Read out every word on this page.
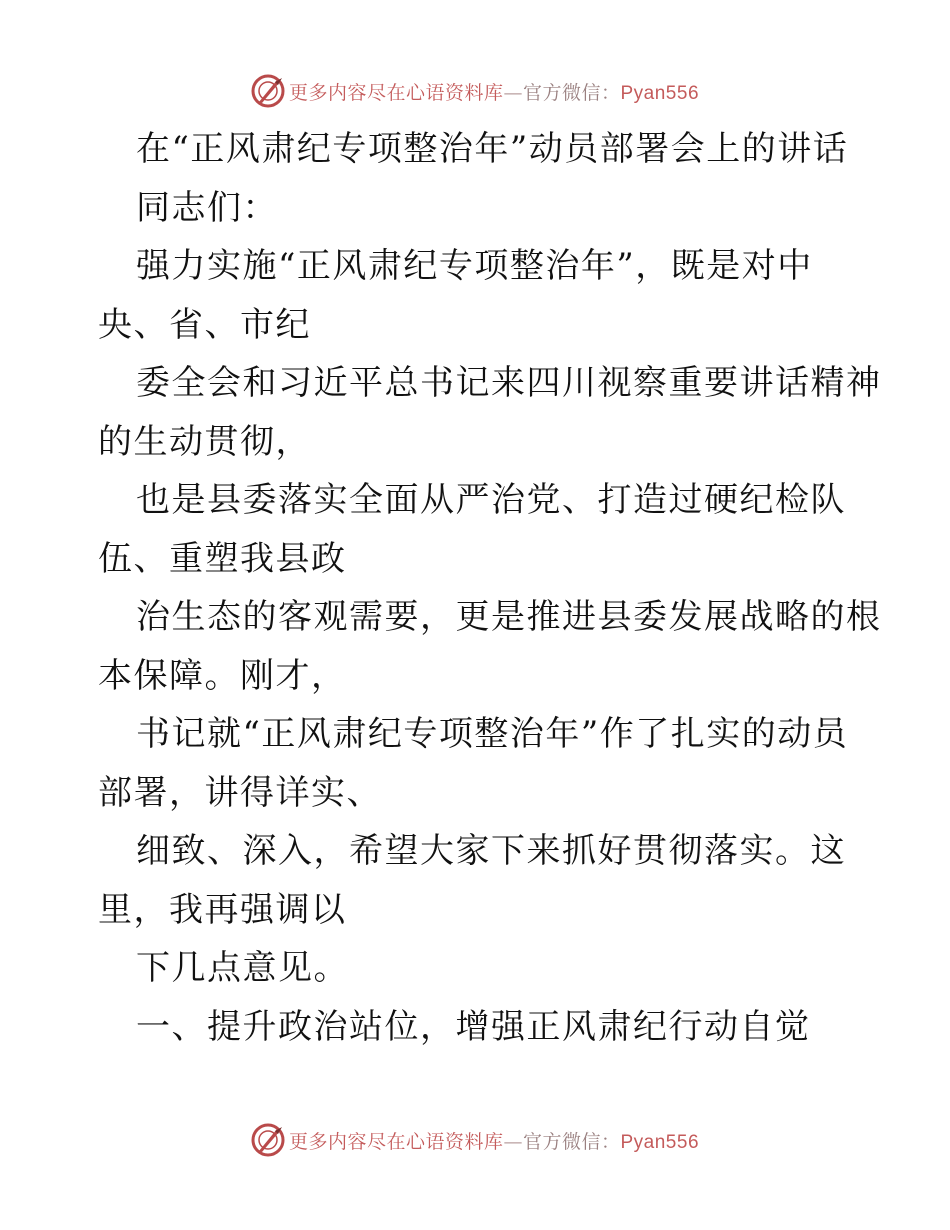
更多内容尽在心语资料库—官方微信：Pyan556
在“正风肃纪专项整治年”动员部署会上的讲话
同志们：
强力实施“正风肃纪专项整治年”，既是对中
央、省、市纪
委全会和习近平总书记来四川视察重要讲话精神
的生动贯彻，
也是县委落实全面从严治党、打造过硬纪检队
伍、重塑我县政
治生态的客观需要，更是推进县委发展战略的根
本保障。刚才，
书记就“正风肃纪专项整治年”作了扎实的动员
部署，讲得详实、
细致、深入，希望大家下来抓好贯彻落实。这
里，我再强调以
下几点意见。
一、提升政治站位，增强正风肃纪行动自觉
更多内容尽在心语资料库—官方微信：Pyan556
